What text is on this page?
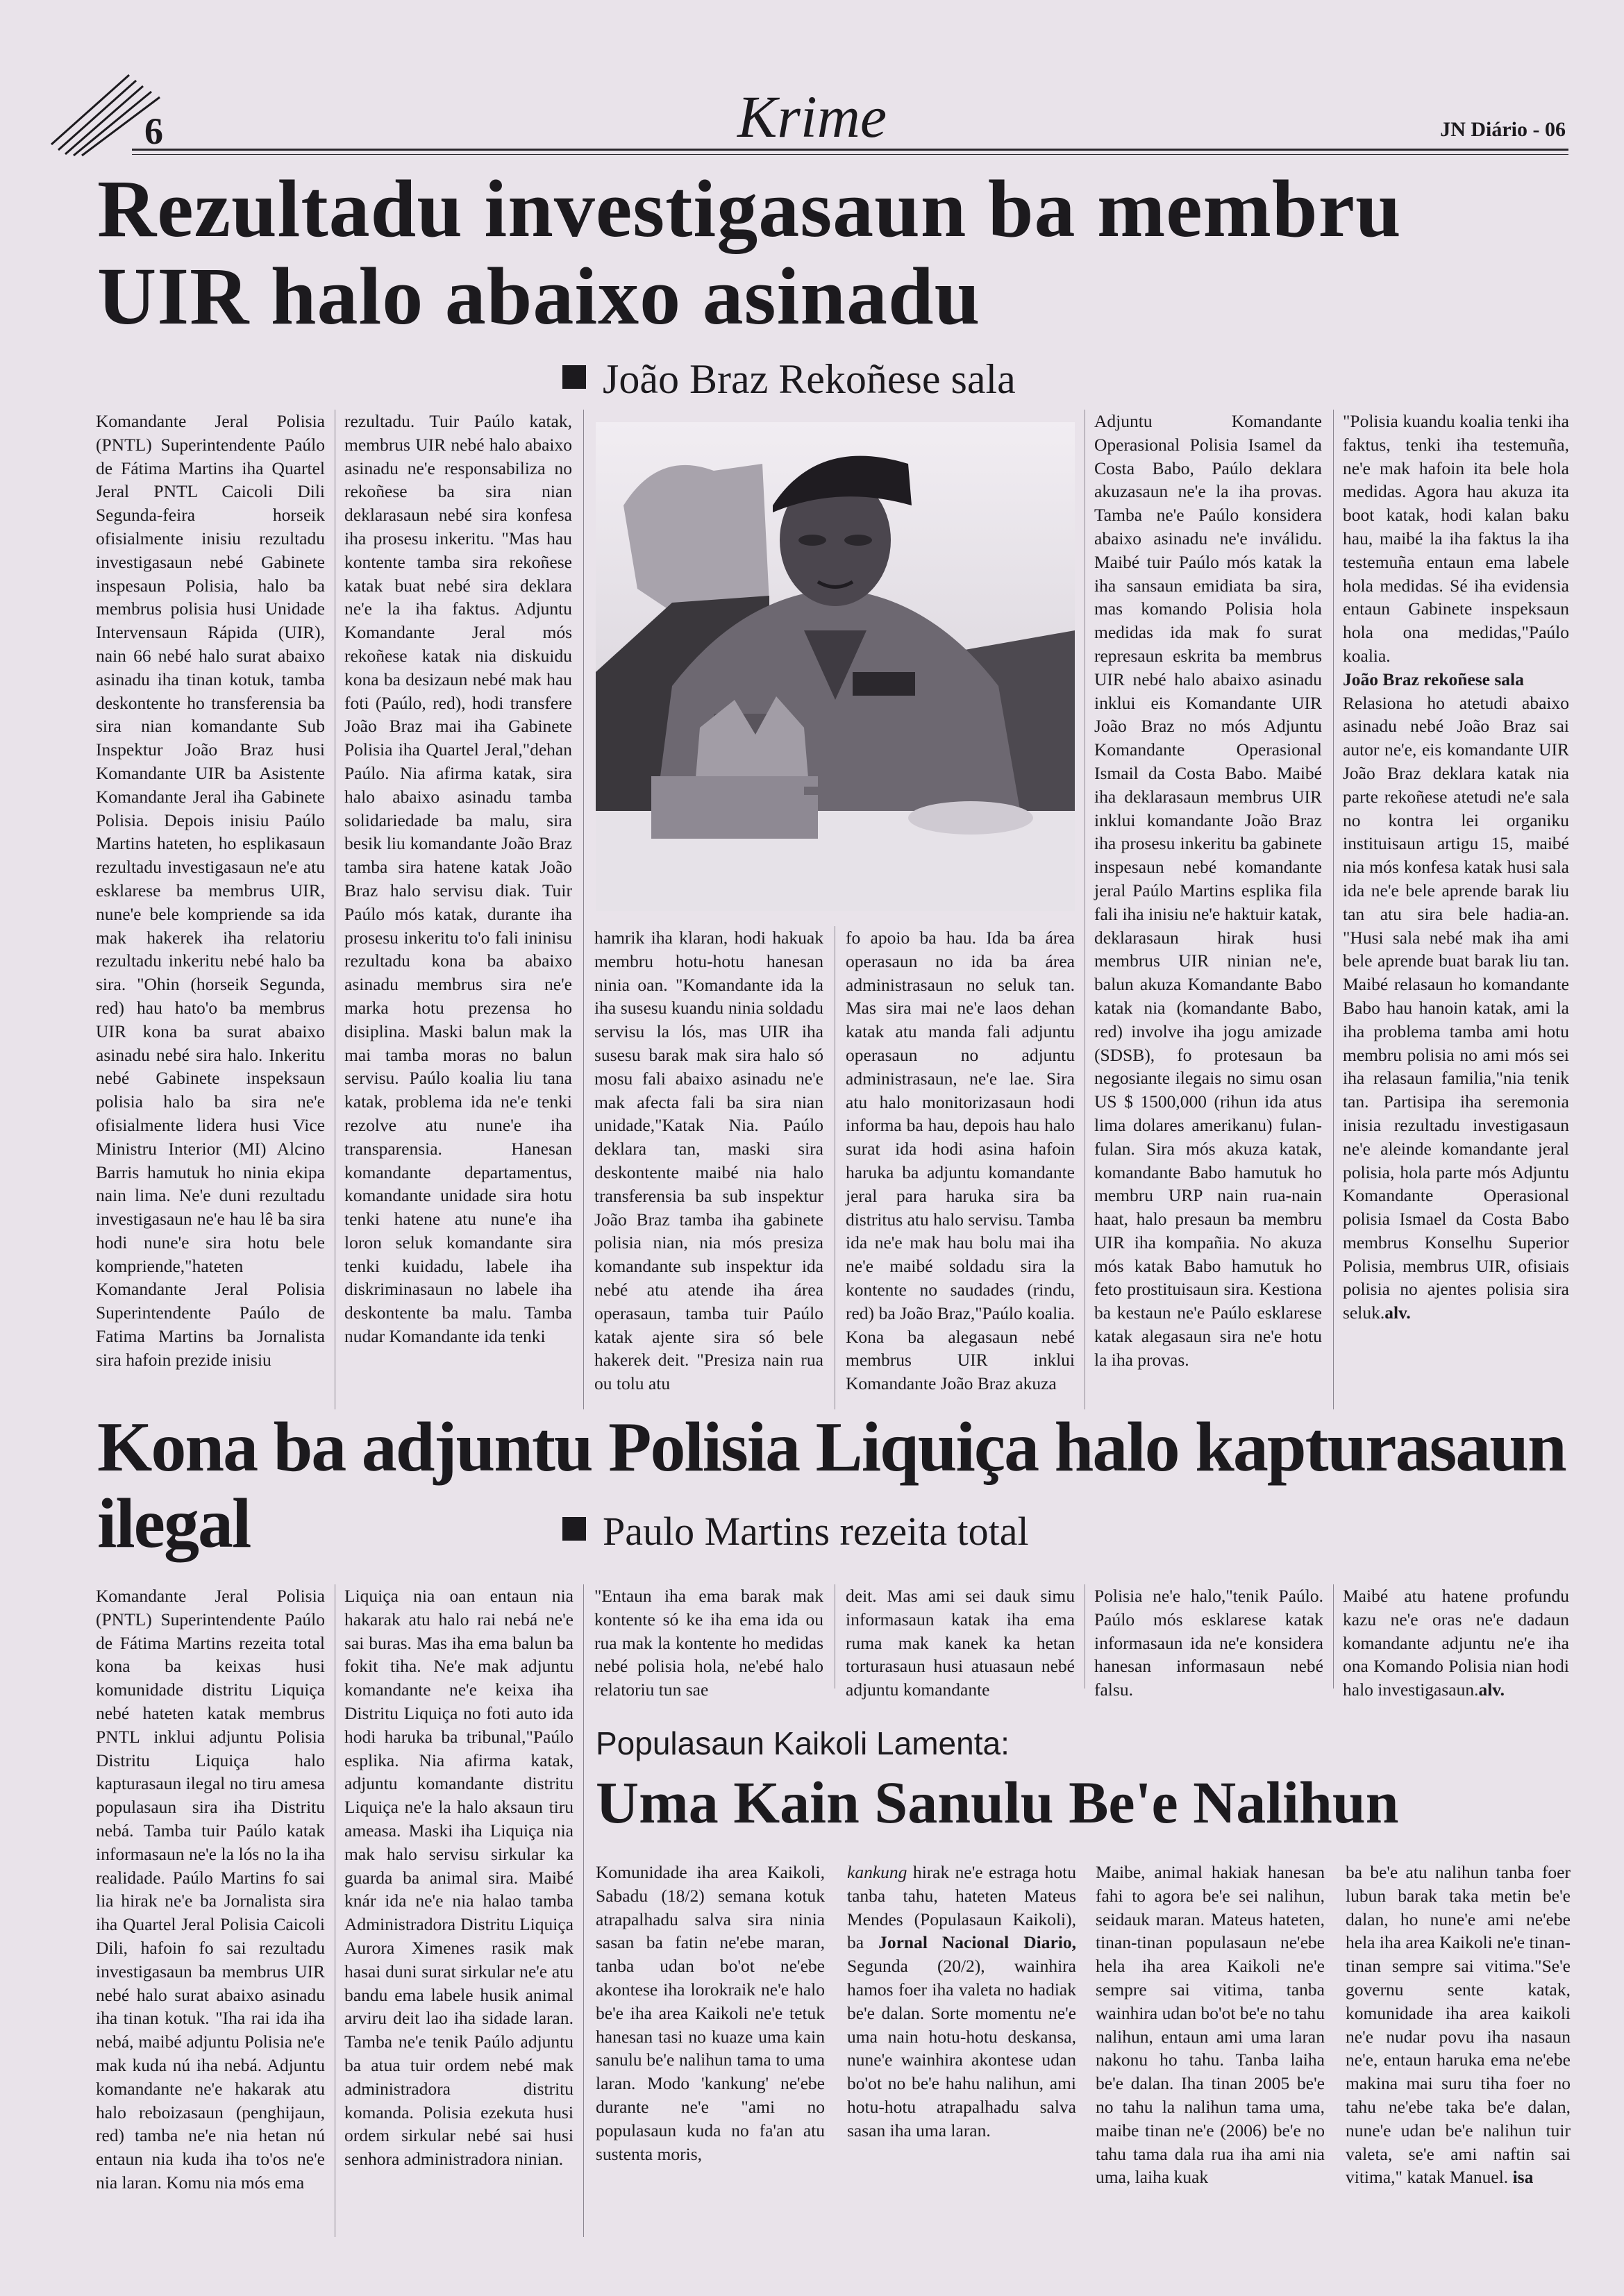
6	Krime	JN Diário - 06
Rezultadu investigasaun ba membru
UIR halo abaixo asinadu
João Braz Rekoñese sala

Komandante Jeral Polisia (PNTL) Superintendente Paúlo de Fátima Martins iha Quartel Jeral PNTL Caicoli Dili Segunda-feira horseik ofisialmente inisiu rezultadu investigasaun nebé Gabinete inspesaun Polisia, halo ba membrus polisia husi Unidade Intervensaun Rápida (UIR), nain 66 nebé halo surat abaixo asinadu iha tinan kotuk, tamba deskontente ho transferensia ba sira nian komandante Sub Inspektur João Braz husi Komandante UIR ba Asistente Komandante Jeral iha Gabinete Polisia. Depois inisiu Paúlo Martins hateten, ho esplikasaun rezultadu investigasaun ne'e atu esklarese ba membrus UIR, nune'e bele kompriende sa ida mak hakerek iha relatoriu rezultadu inkeritu nebé halo ba sira. "Ohin (horseik Segunda, red) hau hato'o ba membrus UIR kona ba surat abaixo asinadu nebé sira halo. Inkeritu nebé Gabinete inspeksaun polisia halo ba sira ne'e ofisialmente lidera husi Vice Ministru Interior (MI) Alcino Barris hamutuk ho ninia ekipa nain lima. Ne'e duni rezultadu investigasaun ne'e hau lê ba sira hodi nune'e sira hotu bele kompriende,"hateten Komandante Jeral Polisia Superintendente Paúlo de Fatima Martins ba Jornalista sira hafoin prezide inisiu

rezultadu. Tuir Paúlo katak, membrus UIR nebé halo abaixo asinadu ne'e responsabiliza no rekoñese ba sira nian deklarasaun nebé sira konfesa iha prosesu inkeritu. "Mas hau kontente tamba sira rekoñese katak buat nebé sira deklara ne'e la iha faktus. Adjuntu Komandante Jeral mós rekoñese katak nia diskuidu kona ba desizaun nebé mak hau foti (Paúlo, red), hodi transfere João Braz mai iha Gabinete Polisia iha Quartel Jeral,"dehan Paúlo. Nia afirma katak, sira halo abaixo asinadu tamba solidariedade ba malu, sira besik liu komandante João Braz tamba sira hatene katak João Braz halo servisu diak. Tuir Paúlo mós katak, durante iha prosesu inkeritu to'o fali ininisu rezultadu kona ba abaixo asinadu membrus sira ne'e marka hotu prezensa ho disiplina. Maski balun mak la mai tamba moras no balun servisu. Paúlo koalia liu tana katak, problema ida ne'e tenki rezolve atu nune'e iha transparensia. Hanesan komandante departamentus, komandante unidade sira hotu tenki hatene atu nune'e iha loron seluk komandante sira tenki kuidadu, labele iha diskriminasaun no labele iha deskontente ba malu. Tamba nudar Komandante ida tenki

hamrik iha klaran, hodi hakuak membru hotu-hotu hanesan ninia oan. "Komandante ida la iha susesu kuandu ninia soldadu servisu la lós, mas UIR iha susesu barak mak sira halo só mosu fali abaixo asinadu ne'e mak afecta fali ba sira nian unidade,"Katak Nia. Paúlo deklara tan, maski sira deskontente maibé nia halo transferensia ba sub inspektur João Braz tamba iha gabinete polisia nian, nia mós presiza komandante sub inspektur ida nebé atu atende iha área operasaun, tamba tuir Paúlo katak ajente sira só bele hakerek deit. "Presiza nain rua ou tolu atu

fo apoio ba hau. Ida ba área operasaun no ida ba área administrasaun no seluk tan. Mas sira mai ne'e laos dehan katak atu manda fali adjuntu operasaun no adjuntu administrasaun, ne'e lae. Sira atu halo monitorizasaun hodi informa ba hau, depois hau halo surat ida hodi asina hafoin haruka ba adjuntu komandante jeral para haruka sira ba distritus atu halo servisu. Tamba ida ne'e mak hau bolu mai iha ne'e maibé soldadu sira la kontente no saudades (rindu, red) ba João Braz,"Paúlo koalia. Kona ba alegasaun nebé membrus UIR inklui Komandante João Braz akuza

Adjuntu Komandante Operasional Polisia Isamel da Costa Babo, Paúlo deklara akuzasaun ne'e la iha provas. Tamba ne'e Paúlo konsidera abaixo asinadu ne'e inválidu. Maibé tuir Paúlo mós katak la iha sansaun emidiata ba sira, mas komando Polisia hola medidas ida mak fo surat represaun eskrita ba membrus UIR nebé halo abaixo asinadu inklui eis Komandante UIR João Braz no mós Adjuntu Komandante Operasional Ismail da Costa Babo. Maibé iha deklarasaun membrus UIR inklui komandante João Braz iha prosesu inkeritu ba gabinete inspesaun nebé komandante jeral Paúlo Martins esplika fila fali iha inisiu ne'e haktuir katak, deklarasaun hirak husi membrus UIR ninian ne'e, balun akuza Komandante Babo katak nia (komandante Babo, red) involve iha jogu amizade (SDSB), fo protesaun ba negosiante ilegais no simu osan US $ 1500,000 (rihun ida atus lima dolares amerikanu) fulan-fulan. Sira mós akuza katak, komandante Babo hamutuk ho membru URP nain rua-nain haat, halo presaun ba membru UIR iha kompañia. No akuza mós katak Babo hamutuk ho feto prostituisaun sira. Kestiona ba kestaun ne'e Paúlo esklarese katak alegasaun sira ne'e hotu la iha provas.

"Polisia kuandu koalia tenki iha faktus, tenki iha testemuña, ne'e mak hafoin ita bele hola medidas. Agora hau akuza ita boot katak, hodi kalan baku hau, maibé la iha faktus la iha testemuña entaun ema labele hola medidas. Sé iha evidensia entaun Gabinete inspeksaun hola ona medidas,"Paúlo koalia.

João Braz rekoñese sala

Relasiona ho atetudi abaixo asinadu nebé João Braz sai autor ne'e, eis komandante UIR João Braz deklara katak nia parte rekoñese atetudi ne'e sala no kontra lei organiku instituisaun artigu 15, maibé nia mós konfesa katak husi sala ida ne'e bele aprende barak liu tan atu sira bele hadia-an. "Husi sala nebé mak iha ami bele aprende buat barak liu tan. Maibé relasaun ho komandante Babo hau hanoin katak, ami la iha problema tamba ami hotu membru polisia no ami mós sei iha relasaun familia,"nia tenik tan. Partisipa iha seremonia inisia rezultadu investigasaun ne'e aleinde komandante jeral polisia, hola parte mós Adjuntu Komandante Operasional polisia Ismael da Costa Babo membrus Konselhu Superior Polisia, membrus UIR, ofisiais polisia no ajentes polisia sira seluk.alv.

Kona ba adjuntu Polisia Liquiça halo kapturasaun ilegal	Paulo Martins rezeita total

Komandante Jeral Polisia (PNTL) Superintendente Paúlo de Fátima Martins rezeita total kona ba keixas husi komunidade distritu Liquiça nebé hateten katak membrus PNTL inklui adjuntu Polisia Distritu Liquiça halo kapturasaun ilegal no tiru amesa populasaun sira iha Distritu nebá. Tamba tuir Paúlo katak informasaun ne'e la lós no la iha realidade. Paúlo Martins fo sai lia hirak ne'e ba Jornalista sira iha Quartel Jeral Polisia Caicoli Dili, hafoin fo sai rezultadu investigasaun ba membrus UIR nebé halo surat abaixo asinadu iha tinan kotuk. "Iha rai ida iha nebá, maibé adjuntu Polisia ne'e mak kuda nú iha nebá. Adjuntu komandante ne'e hakarak atu halo reboizasaun (penghijaun, red) tamba ne'e nia hetan nú entaun nia kuda iha to'os ne'e nia laran. Komu nia mós ema

Liquiça nia oan entaun nia hakarak atu halo rai nebá ne'e sai buras. Mas iha ema balun ba fokit tiha. Ne'e mak adjuntu komandante ne'e keixa iha Distritu Liquiça no foti auto ida hodi haruka ba tribunal,"Paúlo esplika. Nia afirma katak, adjuntu komandante distritu Liquiça ne'e la halo aksaun tiru ameasa. Maski iha Liquiça nia mak halo servisu sirkular ka guarda ba animal sira. Maibé knár ida ne'e nia halao tamba Administradora Distritu Liquiça Aurora Ximenes rasik mak hasai duni surat sirkular ne'e atu bandu ema labele husik animal arviru deit lao iha sidade laran. Tamba ne'e tenik Paúlo adjuntu ba atua tuir ordem nebé mak administradora distritu komanda. Polisia ezekuta husi ordem sirkular nebé sai husi senhora administradora ninian.

"Entaun iha ema barak mak kontente só ke iha ema ida ou rua mak la kontente ho medidas nebé polisia hola, ne'ebé halo relatoriu tun sae

deit. Mas ami sei dauk simu informasaun katak iha ema ruma mak kanek ka hetan torturasaun husi atuasaun nebé adjuntu komandante

Polisia ne'e halo,"tenik Paúlo. Paúlo mós esklarese katak informasaun ida ne'e konsidera hanesan informasaun nebé falsu.

Maibé atu hatene profundu kazu ne'e oras ne'e dadaun komandante adjuntu ne'e iha ona Komando Polisia nian hodi halo investigasaun.alv.

Populasaun Kaikoli Lamenta:
Uma Kain Sanulu Be'e Nalihun

Komunidade iha area Kaikoli, Sabadu (18/2) semana kotuk atrapalhadu salva sira ninia sasan ba fatin ne'ebe maran, tanba udan bo'ot ne'ebe akontese iha lorokraik ne'e halo be'e iha area Kaikoli ne'e tetuk hanesan tasi no kuaze uma kain sanulu be'e nalihun tama to uma laran. Modo 'kankung' ne'ebe durante ne'e "ami no populasaun kuda no fa'an atu sustenta moris,

kankung hirak ne'e estraga hotu tanba tahu, hateten Mateus Mendes (Populasaun Kaikoli), ba Jornal Nacional Diario, Segunda (20/2), wainhira hamos foer iha valeta no hadiak be'e dalan. Sorte momentu ne'e uma nain hotu-hotu deskansa, nune'e wainhira akontese udan bo'ot no be'e hahu nalihun, ami hotu-hotu atrapalhadu salva sasan iha uma laran.

Maibe, animal hakiak hanesan fahi to agora be'e sei nalihun, seidauk maran. Mateus hateten, tinan-tinan populasaun ne'ebe hela iha area Kaikoli ne'e sempre sai vitima, tanba wainhira udan bo'ot be'e no tahu nalihun, entaun ami uma laran nakonu ho tahu. Tanba laiha be'e dalan. Iha tinan 2005 be'e no tahu la nalihun tama uma, maibe tinan ne'e (2006) be'e no tahu tama dala rua iha ami nia uma, laiha kuak

ba be'e atu nalihun tanba foer lubun barak taka metin be'e dalan, ho nune'e ami ne'ebe hela iha area Kaikoli ne'e tinan-tinan sempre sai vitima."Se'e governu sente katak, komunidade iha area kaikoli ne'e nudar povu iha nasaun ne'e, entaun haruka ema ne'ebe makina mai suru tiha foer no tahu ne'ebe taka be'e dalan, nune'e udan be'e nalihun tuir valeta, se'e ami naftin sai vitima," katak Manuel. isa
